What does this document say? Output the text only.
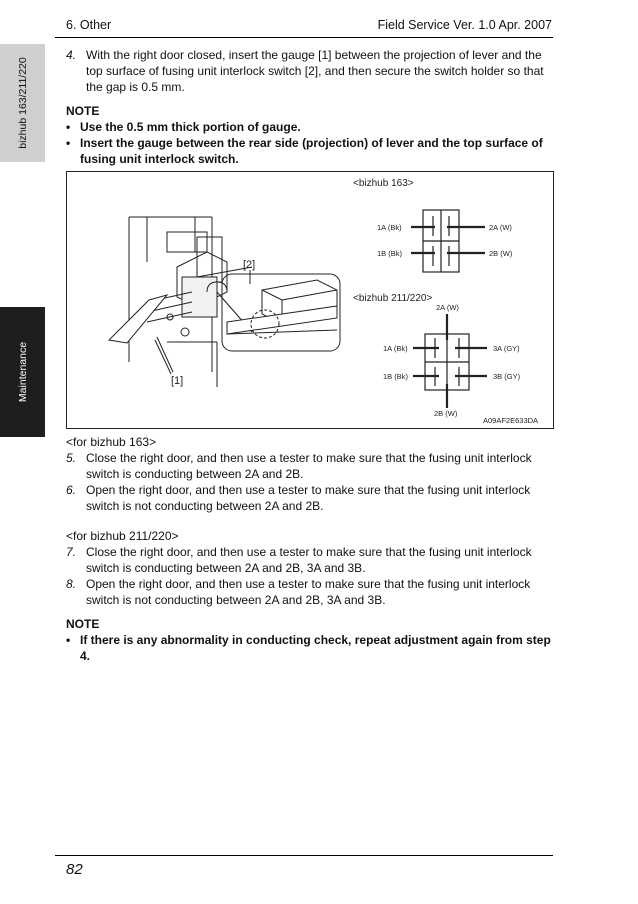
6. Other	Field Service Ver. 1.0 Apr. 2007
bizhub 163/211/220
Maintenance
4. With the right door closed, insert the gauge [1] between the projection of lever and the
top surface of fusing unit interlock switch [2], and then secure the switch holder so that
the gap is 0.5 mm.
NOTE
• Use the 0.5 mm thick portion of gauge.
• Insert the gauge between the rear side (projection) of lever and the top surface of
fusing unit interlock switch.
[2]
[1]
<bizhub 163>
1A (Bk)	2A (W)
1B (Bk)	2B (W)
<bizhub 211/220>
2A (W)
1A (Bk)	3A (GY)
1B (Bk)	3B (GY)
2B (W)
A09AF2E633DA
<for bizhub 163>
5. Close the right door, and then use a tester to make sure that the fusing unit interlock
switch is conducting between 2A and 2B.
6. Open the right door, and then use a tester to make sure that the fusing unit interlock
switch is not conducting between 2A and 2B.
<for bizhub 211/220>
7. Close the right door, and then use a tester to make sure that the fusing unit interlock
switch is conducting between 2A and 2B, 3A and 3B.
8. Open the right door, and then use a tester to make sure that the fusing unit interlock
switch is not conducting between 2A and 2B, 3A and 3B.
NOTE
• If there is any abnormality in conducting check, repeat adjustment again from step
4.
82
